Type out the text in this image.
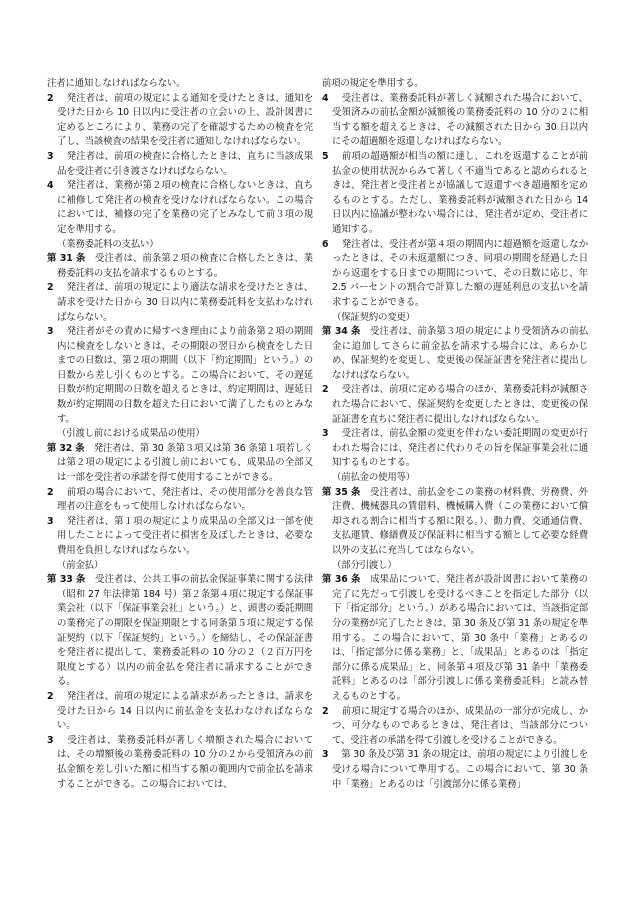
注者に通知しなければならない。

2　 発注者は、前項の規定による通知を受けたときは、通知を受けた日から 10 日以内に受注者の立会いの上、設計図書に定めるところにより、業務の完了を確認するための検査を完了し、当該検査の結果を受注者に通知しなければならない。

3　 発注者は、前項の検査に合格したときは、直ちに当該成果品を受注者に引き渡さなければならない。

4　 発注者は、業務が第２項の検査に合格しないときは、直ちに補修して発注者の検査を受けなければならない。この場合においては、補修の完了を業務の完了とみなして前３項の規定を準用する。

（業務委託料の支払い）

第 31 条　 受注者は、前条第２項の検査に合格したときは、業務委託料の支払を請求するものとする。

2　 発注者は、前項の規定により適法な請求を受けたときは、請求を受けた日から 30 日以内に業務委託料を支払わなければならない。

3　 発注者がその責めに帰すべき理由により前条第２項の期間内に検査をしないときは、その期限の翌日から検査をした日までの日数は、第２項の期間（以下「約定期間」という。）の日数から差し引くものとする。この場合において、その遅延日数が約定期間の日数を超えるときは、約定期間は、遅延日数が約定期間の日数を超えた日において満了したものとみなす。

（引渡し前における成果品の使用）

第 32 条　 発注者は、第 30 条第３項又は第 36 条第１項若しくは第２項の規定による引渡し前においても、成果品の全部又は一部を受注者の承諾を得て使用することができる。

2　 前項の場合において、発注者は、その使用部分を善良な管理者の注意をもって使用しなければならない。

3　 発注者は、第１項の規定により成果品の全部又は一部を使用したことによって受注者に損害を及ぼしたときは、必要な費用を負担しなければならない。

（前金払）

第 33 条　 受注者は、公共工事の前払金保証事業に関する法律（昭和 27 年法律第 184 号）第２条第４項に規定する保証事業会社（以下「保証事業会社」という。）と、頭書の委託期間の業務完了の期限を保証期限とする同条第５項に規定する保証契約（以下「保証契約」という。）を締結し、その保証証書を発注者に提出して、業務委託料の 10 分の２（２百万円を限度とする）以内の前金払を発注者に請求することができる。

2　 発注者は、前項の規定による請求があったときは、請求を受けた日から 14 日以内に前払金を支払わなければならない。

3　 受注者は、業務委託料が著しく増額された場合においては、その増額後の業務委託料の 10 分の２から受領済みの前払金額を差し引いた額に相当する額の範囲内で前金払を請求することができる。この場合においては、

前項の規定を準用する。

4　 受注者は、業務委託料が著しく減額された場合において、受領済みの前払金額が減額後の業務委託料の 10 分の２に相当する額を超えるときは、その減額された日から 30 日以内にその超過額を返還しなければならない。

5　 前項の超過額が相当の額に達し、これを返還することが前払金の使用状況からみて著しく不適当であると認められるときは、発注者と受注者とが協議して返還すべき超過額を定めるものとする。ただし、業務委託料が減額された日から 14 日以内に協議が整わない場合には、発注者が定め、受注者に通知する。

6　 発注者は、受注者が第４項の期間内に超過額を返還しなかったときは、その未返還額につき、同項の期間を経過した日から返還をする日までの期間について、その日数に応じ、年 2.5 パーセントの割合で計算した額の遅延利息の支払いを請求することができる。

（保証契約の変更）

第 34 条　 受注者は、前条第３項の規定により受領済みの前払金に追加してさらに前金払を請求する場合には、あらかじめ、保証契約を変更し、変更後の保証証書を発注者に提出しなければならない。

2　 受注者は、前項に定める場合のほか、業務委託料が減額された場合において、保証契約を変更したときは、変更後の保証証書を直ちに発注者に提出しなければならない。

3　 受注者は、前払金額の変更を伴わない委託期間の変更が行われた場合には、発注者に代わりその旨を保証事業会社に通知するものとする。

（前払金の使用等）

第 35 条　 受注者は、前払金をこの業務の材料費、労務費、外注費、機械器具の賃借料、機械購入費（この業務において償却される割合に相当する額に限る。）、動力費、交通通信費、支払運賃、修繕費及び保証料に相当する額として必要な経費以外の支払に充当してはならない。

（部分引渡し）

第 36 条　 成果品について、発注者が設計図書において業務の完了に先だって引渡しを受けるべきことを指定した部分（以下「指定部分」という。）がある場合においては、当該指定部分の業務が完了したときは、第 30 条及び第 31 条の規定を準用する。この場合において、第 30 条中「業務」とあるのは、「指定部分に係る業務」と、「成果品」とあるのは「指定部分に係る成果品」と、同条第４項及び第 31 条中「業務委託料」とあるのは「部分引渡しに係る業務委託料」と読み替えるものとする。

2　 前項に規定する場合のほか、成果品の一部分が完成し、かつ、可分なものであるときは、発注者は、当該部分について、受注者の承諾を得て引渡しを受けることができる。

3　 第 30 条及び第 31 条の規定は、前項の規定により引渡しを受ける場合について準用する。この場合において、第 30 条中「業務」とあるのは「引渡部分に係る業務」
